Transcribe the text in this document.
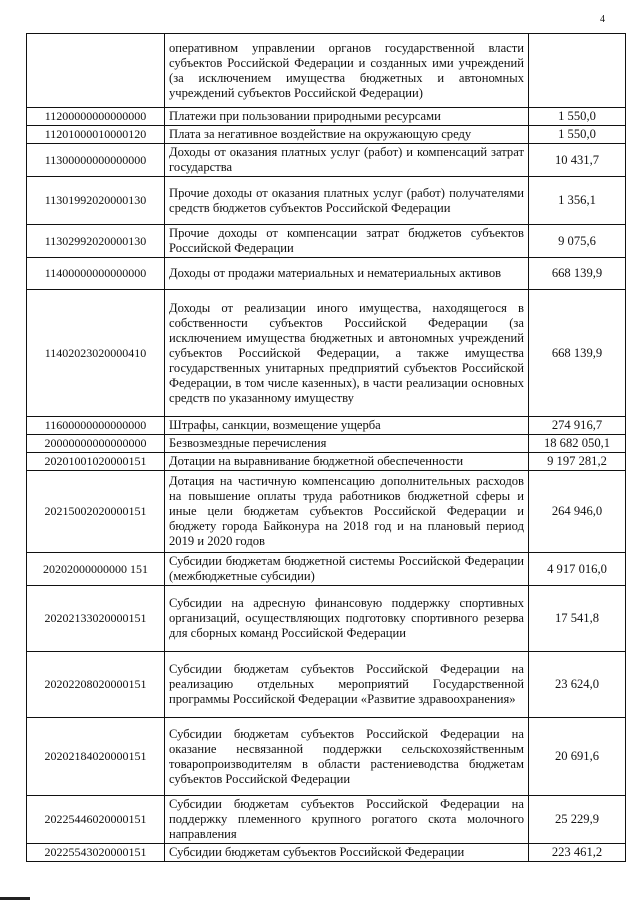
4
	оперативном управлении органов государственной власти субъектов Российской Федерации и созданных ими учреждений (за исключением имущества бюджетных и автономных учреждений субъектов Российской Федерации)	
11200000000000000	Платежи при пользовании природными ресурсами	1 550,0
11201000010000120	Плата за негативное воздействие на окружающую среду	1 550,0
11300000000000000	Доходы от оказания платных услуг (работ) и компенсаций затрат государства	10 431,7
11301992020000130	Прочие доходы от оказания платных услуг (работ) получателями средств бюджетов субъектов Российской Федерации	1 356,1
11302992020000130	Прочие доходы от компенсации затрат бюджетов субъектов Российской Федерации	9 075,6
11400000000000000	Доходы от продажи материальных и нематериальных активов	668 139,9
11402023020000410	Доходы от реализации иного имущества, находящегося в собственности субъектов Российской Федерации (за исключением имущества бюджетных и автономных учреждений субъектов Российской Федерации, а также имущества государственных унитарных предприятий субъектов Российской Федерации, в том числе казенных), в части реализации основных средств по указанному имуществу	668 139,9
11600000000000000	Штрафы, санкции, возмещение ущерба	274 916,7
20000000000000000	Безвозмездные перечисления	18 682 050,1
20201001020000151	Дотации на выравнивание бюджетной обеспеченности	9 197 281,2
20215002020000151	Дотация на частичную компенсацию дополнительных расходов на повышение оплаты труда работников бюджетной сферы и иные цели бюджетам субъектов Российской Федерации и бюджету города Байконура на 2018 год и на плановый период 2019 и 2020 годов	264 946,0
20202000000000 151	Субсидии бюджетам бюджетной системы Российской Федерации (межбюджетные субсидии)	4 917 016,0
20202133020000151	Субсидии на адресную финансовую поддержку спортивных организаций, осуществляющих подготовку спортивного резерва для сборных команд Российской Федерации	17 541,8
20202208020000151	Субсидии бюджетам субъектов Российской Федерации на реализацию отдельных мероприятий Государственной программы Российской Федерации «Развитие здравоохранения»	23 624,0
20202184020000151	Субсидии бюджетам субъектов Российской Федерации на оказание несвязанной поддержки сельскохозяйственным товаропроизводителям в области растениеводства бюджетам субъектов Российской Федерации	20 691,6
20225446020000151	Субсидии бюджетам субъектов Российской Федерации на поддержку племенного крупного рогатого скота молочного направления	25 229,9
20225543020000151	Субсидии бюджетам субъектов Российской Федерации	223 461,2
